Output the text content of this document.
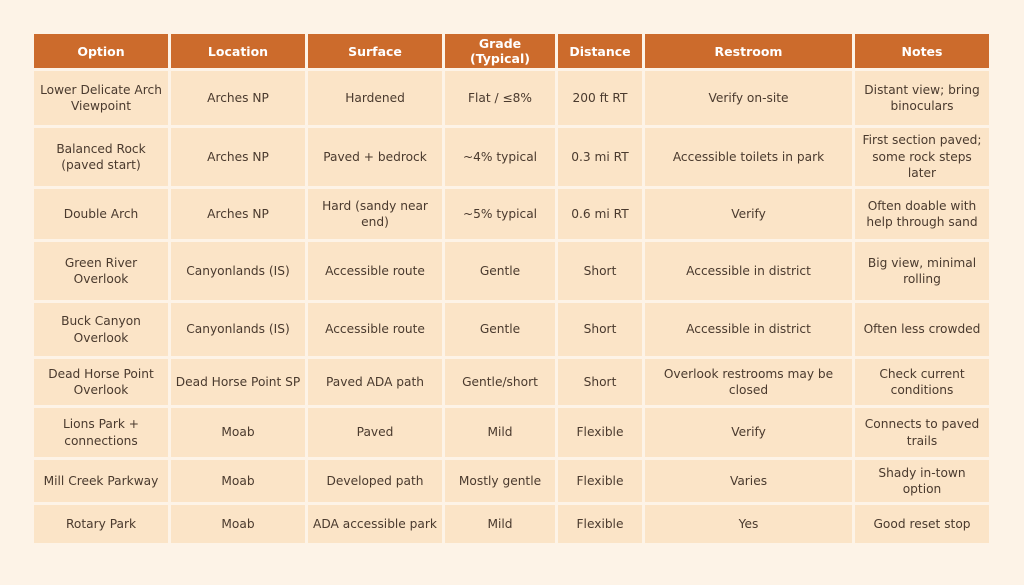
Option	Location	Surface	Grade (Typical)	Distance	Restroom	Notes
Lower Delicate Arch Viewpoint	Arches NP	Hardened	Flat / ≤8%	200 ft RT	Verify on-site	Distant view; bring binoculars
Balanced Rock (paved start)	Arches NP	Paved + bedrock	~4% typical	0.3 mi RT	Accessible toilets in park	First section paved; some rock steps later
Double Arch	Arches NP	Hard (sandy near end)	~5% typical	0.6 mi RT	Verify	Often doable with help through sand
Green River Overlook	Canyonlands (IS)	Accessible route	Gentle	Short	Accessible in district	Big view, minimal rolling
Buck Canyon Overlook	Canyonlands (IS)	Accessible route	Gentle	Short	Accessible in district	Often less crowded
Dead Horse Point Overlook	Dead Horse Point SP	Paved ADA path	Gentle/short	Short	Overlook restrooms may be closed	Check current conditions
Lions Park + connections	Moab	Paved	Mild	Flexible	Verify	Connects to paved trails
Mill Creek Parkway	Moab	Developed path	Mostly gentle	Flexible	Varies	Shady in-town option
Rotary Park	Moab	ADA accessible park	Mild	Flexible	Yes	Good reset stop
